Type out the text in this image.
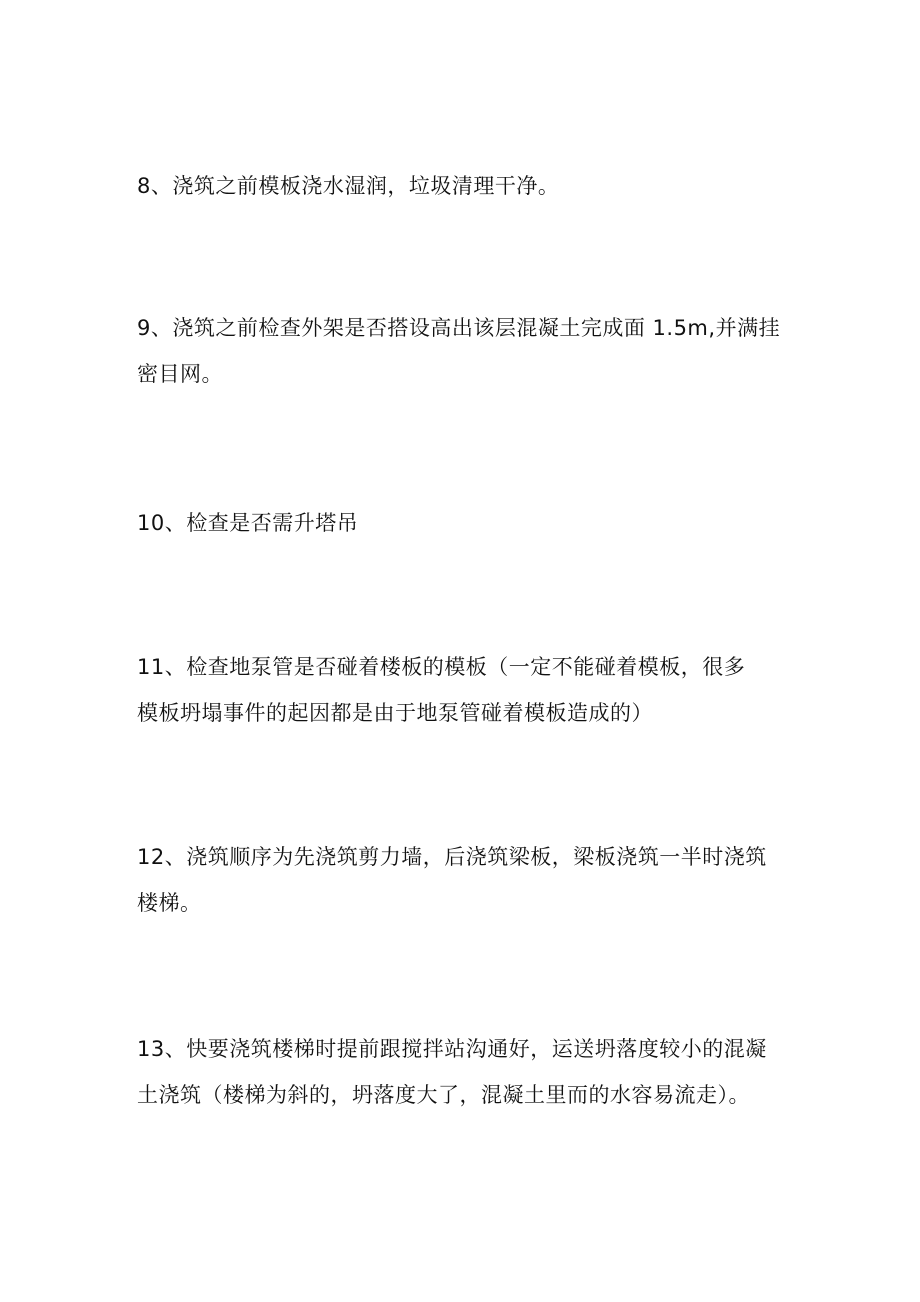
8、浇筑之前模板浇水湿润，垃圾清理干净。
9、浇筑之前检查外架是否搭设高出该层混凝土完成面 1.5m,并满挂
密目网。
10、检查是否需升塔吊
11、检查地泵管是否碰着楼板的模板（一定不能碰着模板，很多
模板坍塌事件的起因都是由于地泵管碰着模板造成的）
12、浇筑顺序为先浇筑剪力墙，后浇筑梁板，梁板浇筑一半时浇筑
楼梯。
13、快要浇筑楼梯时提前跟搅拌站沟通好，运送坍落度较小的混凝
土浇筑（楼梯为斜的，坍落度大了，混凝土里而的水容易流走）。
